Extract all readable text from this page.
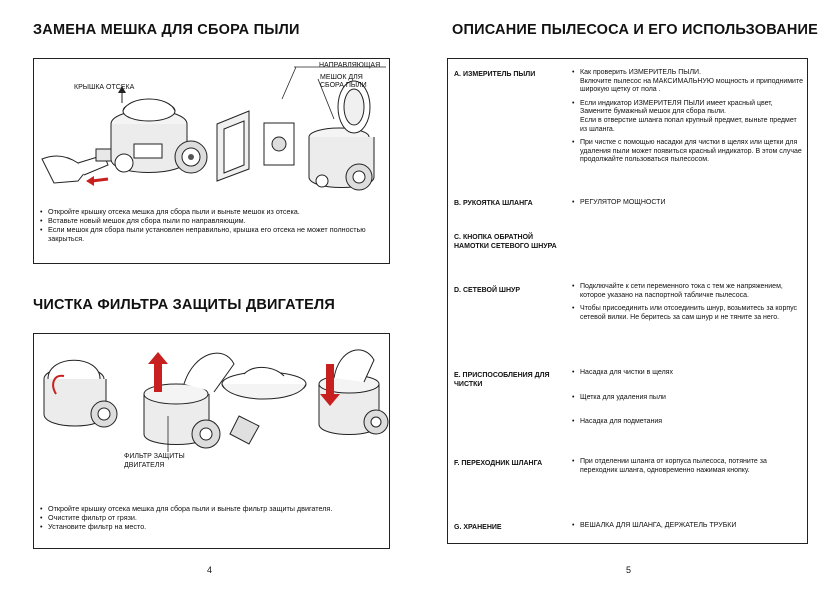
ЗАМЕНА МЕШКА ДЛЯ СБОРА ПЫЛИ
КРЫШКА ОТСЕКА
НАПРАВЛЯЮЩАЯ
МЕШОК ДЛЯ
СБОРА ПЫЛИ
• Откройте крышку отсека мешка для сбора пыли и выньте мешок из отсека.
• Вставьте новый мешок для сбора пыли по направляющим.
• Если мешок для сбора пыли установлен неправильно, крышка его отсека не может полностью закрыться.
ЧИСТКА ФИЛЬТРА ЗАЩИТЫ ДВИГАТЕЛЯ
ФИЛЬТР ЗАЩИТЫ
ДВИГАТЕЛЯ
• Откройте крышку отсека мешка для сбора пыли и выньте фильтр защиты двигателя.
• Очистите фильтр от грязи.
• Установите фильтр на место.
4
ОПИСАНИЕ ПЫЛЕСОСА И ЕГО ИСПОЛЬЗОВАНИЕ
A. ИЗМЕРИТЕЛЬ ПЫЛИ	• Как проверить ИЗМЕРИТЕЛЬ ПЫЛИ.
Включите пылесос на МАКСИМАЛЬНУЮ мощность и приподнимите широкую щетку от пола .

• Если индикатор ИЗМЕРИТЕЛЯ ПЫЛИ имеет красный цвет, Замените бумажный мешок для сбора пыли.
Если в отверстие шланга попал крупный предмет, выньте предмет из шланга.

• При чистке с помощью насадки для чистки в щелях или щетки для удаления пыли может появиться красный индикатор. В этом случае продолжайте пользоваться пылесосом.

B. РУКОЯТКА ШЛАНГА	• РЕГУЛЯТОР МОЩНОСТИ

C. КНОПКА ОБРАТНОЙ НАМОТКИ СЕТЕВОГО ШНУРА
D. СЕТЕВОЙ ШНУР

• Подключайте к сети переменного тока с тем же напряжением, которое указано на паспортной табличке пылесоса.

• Чтобы присоединить или отсоединить шнур, возьмитесь за корпус сетевой вилки. Не беритесь за сам шнур и не тяните за него.

E. ПРИСПОСОБЛЕНИЯ ДЛЯ ЧИСТКИ

• Насадка для чистки в щелях

• Щетка для удаления пыли

• Насадка для подметания

F. ПЕРЕХОДНИК ШЛАНГА	• При отделении шланга от корпуса пылесоса, потяните за переходник шланга, одновременно нажимая кнопку.

G. ХРАНЕНИЕ	• ВЕШАЛКА ДЛЯ ШЛАНГА, ДЕРЖАТЕЛЬ ТРУБКИ

5
